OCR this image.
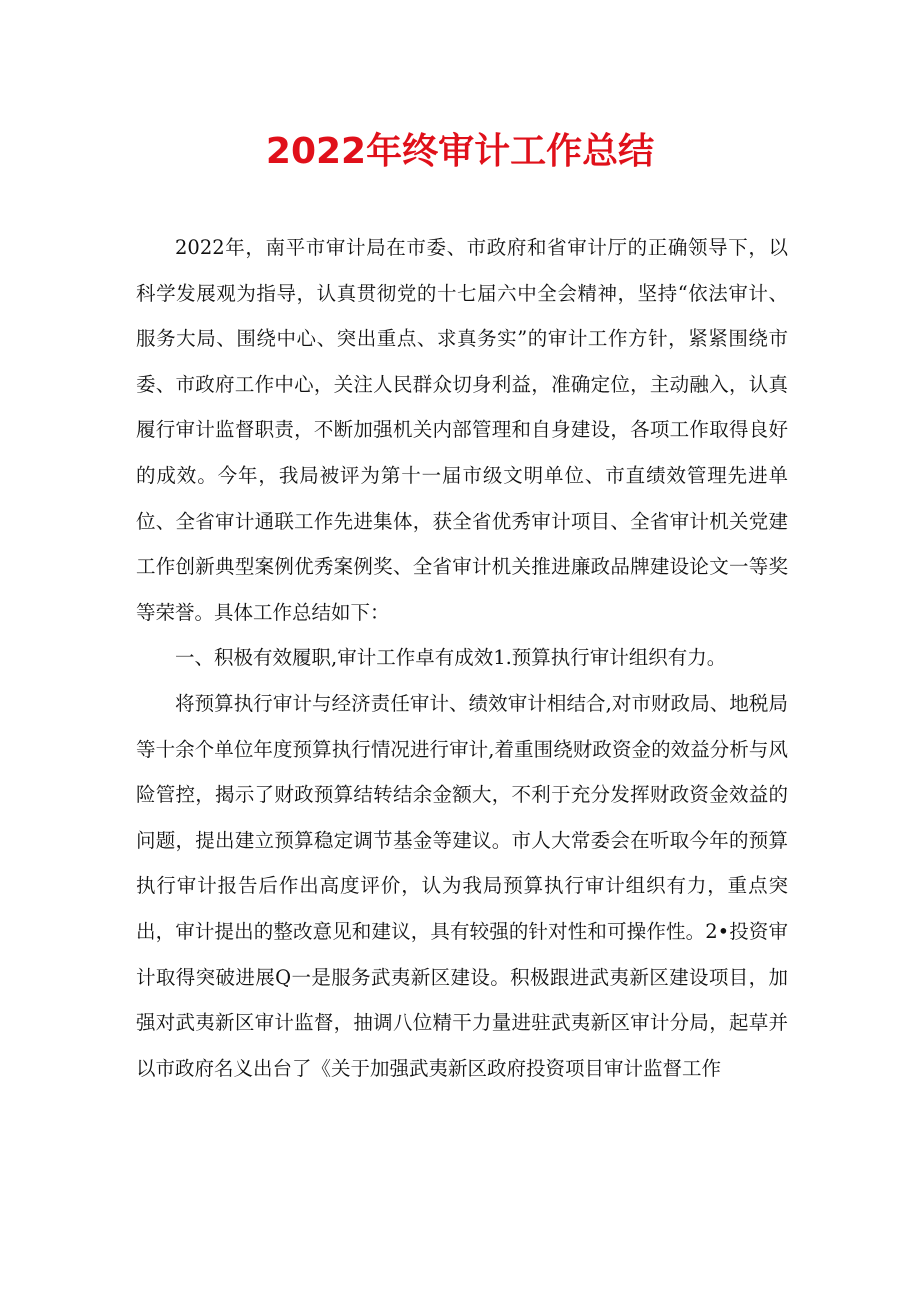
2022年终审计工作总结

2022年，南平市审计局在市委、市政府和省审计厅的正确领导下，以科学发展观为指导，认真贯彻党的十七届六中全会精神，坚持“依法审计、服务大局、围绕中心、突出重点、求真务实”的审计工作方针，紧紧围绕市委、市政府工作中心，关注人民群众切身利益，准确定位，主动融入，认真履行审计监督职责，不断加强机关内部管理和自身建设，各项工作取得良好的成效。今年，我局被评为第十一届市级文明单位、市直绩效管理先进单位、全省审计通联工作先进集体，获全省优秀审计项目、全省审计机关党建工作创新典型案例优秀案例奖、全省审计机关推进廉政品牌建设论文一等奖等荣誉。具体工作总结如下：

一、积极有效履职,审计工作卓有成效1.预算执行审计组织有力。

将预算执行审计与经济责任审计、绩效审计相结合,对市财政局、地税局等十余个单位年度预算执行情况进行审计,着重围绕财政资金的效益分析与风险管控，揭示了财政预算结转结余金额大，不利于充分发挥财政资金效益的问题，提出建立预算稳定调节基金等建议。市人大常委会在听取今年的预算执行审计报告后作出高度评价，认为我局预算执行审计组织有力，重点突出，审计提出的整改意见和建议，具有较强的针对性和可操作性。2•投资审计取得突破进展Q一是服务武夷新区建设。积极跟进武夷新区建设项目，加强对武夷新区审计监督，抽调八位精干力量进驻武夷新区审计分局，起草并以市政府名义出台了《关于加强武夷新区政府投资项目审计监督工作
